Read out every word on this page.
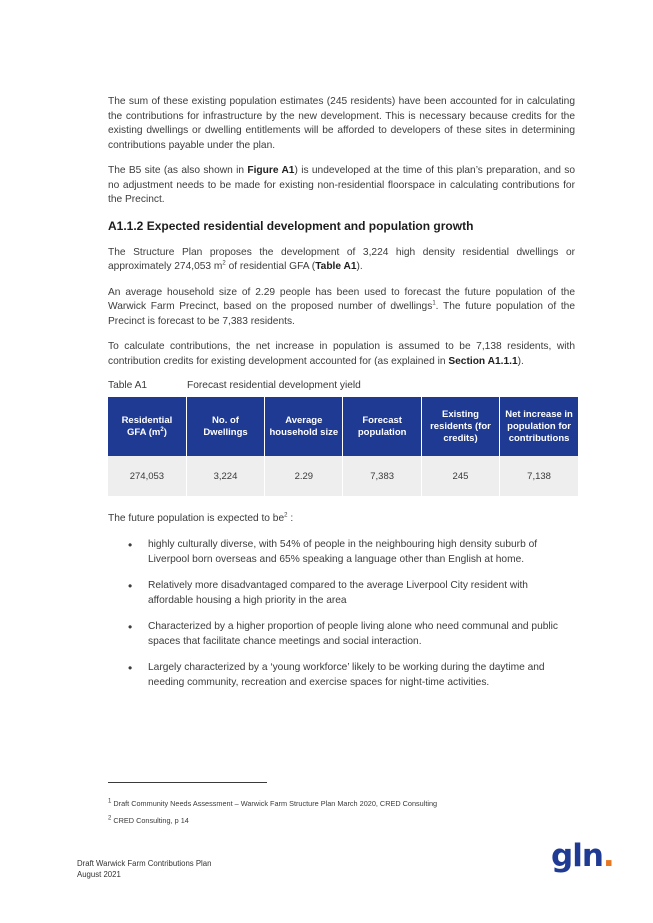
The sum of these existing population estimates (245 residents) have been accounted for in calculating the contributions for infrastructure by the new development. This is necessary because credits for the existing dwellings or dwelling entitlements will be afforded to developers of these sites in determining contributions payable under the plan.

The B5 site (as also shown in Figure A1) is undeveloped at the time of this plan’s preparation, and so no adjustment needs to be made for existing non-residential floorspace in calculating contributions for the Precinct.

A1.1.2 Expected residential development and population growth

The Structure Plan proposes the development of 3,224 high density residential dwellings or approximately 274,053 $m^2$ of residential GFA (Table A1).

An average household size of 2.29 people has been used to forecast the future population of the Warwick Farm Precinct, based on the proposed number of dwellings$^1$. The future population of the Precinct is forecast to be 7,383 residents.

To calculate contributions, the net increase in population is assumed to be 7,138 residents, with contribution credits for existing development accounted for (as explained in Section A1.1.1).

Table A1	Forecast residential development yield
Residential GFA $(m^2)$	No. of Dwellings	Average household size	Forecast population	Existing residents (for credits)	Net increase in population for contributions
274,053	3,224	2.29	7,383	245	7,138
The future population is expected to $be^2$ :
• highly culturally diverse, with 54% of people in the neighbouring high density suburb of Liverpool born overseas and 65% speaking a language other than English at home.
• Relatively more disadvantaged compared to the average Liverpool City resident with affordable housing a high priority in the area
• Characterized by a higher proportion of people living alone who need communal and public spaces that facilitate chance meetings and social interaction.
• Largely characterized by a ‘young workforce’ likely to be working during the daytime and needing community, recreation and exercise spaces for night-time activities.
$^1$ Draft Community Needs Assessment – Warwick Farm Structure Plan March 2020, CRED Consulting
$^2$ CRED Consulting, p 14
Draft Warwick Farm Contributions Plan
August 2021	gln.
